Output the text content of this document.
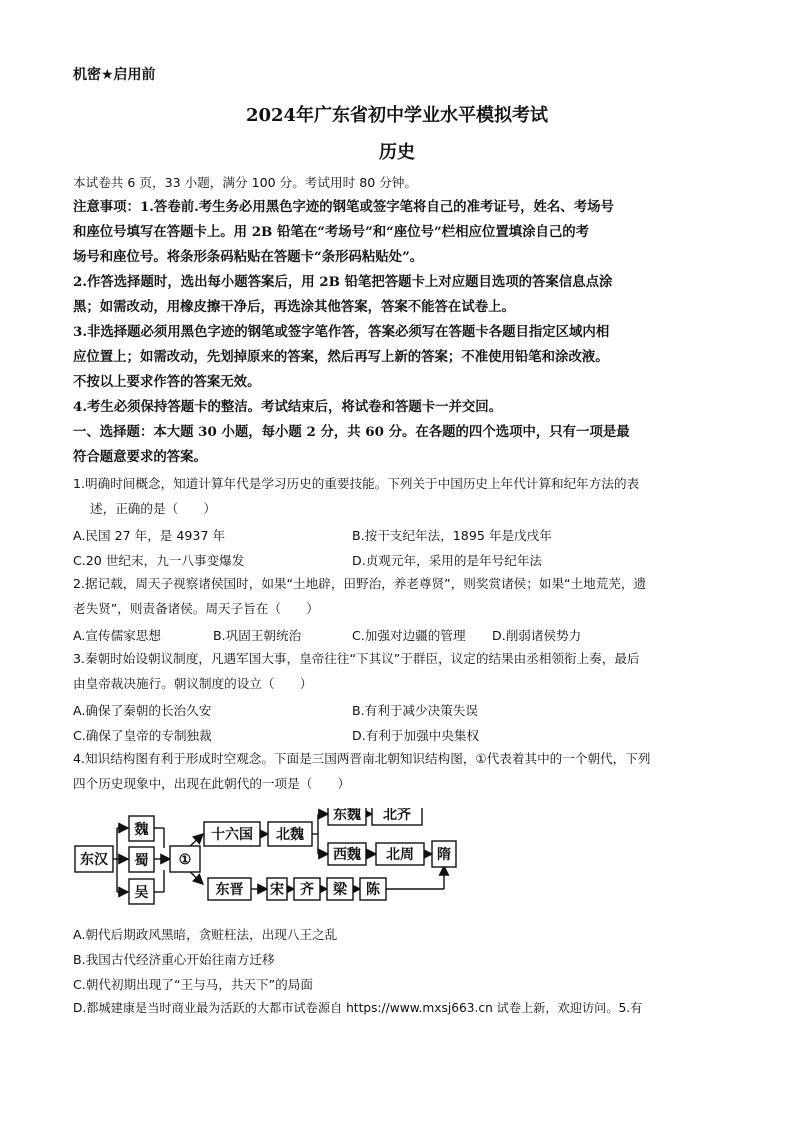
机密★启用前
2024年广东省初中学业水平模拟考试
历史
本试卷共 6 页，33 小题，满分 100 分。考试用时 80 分钟。
注意事项：1.答卷前.考生务必用黑色字迹的钢笔或签字笔将自己的准考证号，姓名、考场号
和座位号填写在答题卡上。用 2B 铅笔在“考场号”和“座位号”栏相应位置填涂自己的考
场号和座位号。将条形条码粘贴在答题卡“条形码粘贴处”。
2.作答选择题时，选出每小题答案后，用 2B 铅笔把答题卡上对应题目选项的答案信息点涂
黑；如需改动，用橡皮擦干净后，再选涂其他答案，答案不能答在试卷上。
3.非选择题必须用黑色字迹的钢笔或签字笔作答，答案必须写在答题卡各题目指定区域内相
应位置上；如需改动，先划掉原来的答案，然后再写上新的答案；不准使用铅笔和涂改液。
不按以上要求作答的答案无效。
4.考生必须保持答题卡的整洁。考试结束后，将试卷和答题卡一并交回。
一、选择题：本大题 30 小题，每小题 2 分，共 60 分。在各题的四个选项中，只有一项是最
符合题意要求的答案。
1.明确时间概念，知道计算年代是学习历史的重要技能。下列关于中国历史上年代计算和纪年方法的表
述，正确的是（　　）
A.民国 27 年，是 4937 年	B.按干支纪年法，1895 年是戊戌年
C.20 世纪末，九一八事变爆发	D.贞观元年，采用的是年号纪年法
2.据记载，周天子视察诸侯国时，如果“土地辟，田野治，养老尊贤”，则奖赏诸侯；如果“土地荒芜，遗
老失贤”，则责备诸侯。周天子旨在（　　）
A.宣传儒家思想	B.巩固王朝统治	C.加强对边疆的管理 D.削弱诸侯势力
3.秦朝时始设朝议制度，凡遇军国大事，皇帝往往“下其议”于群臣，议定的结果由丞相领衔上奏，最后
由皇帝裁决施行。朝议制度的设立（　　）
A.确保了秦朝的长治久安	B.有利于减少决策失误
C.确保了皇帝的专制独裁	D.有利于加强中央集权
4.知识结构图有利于形成时空观念。下面是三国两晋南北朝知识结构图，①代表着其中的一个朝代，下列
四个历史现象中，出现在此朝代的一项是（　　）
东汉
魏
蜀
吴
①
十六国 北魏
东魏 北齐
西魏 北周 隋
东晋 宋 齐 梁 陈
A.朝代后期政风黑暗，贪赃枉法，出现八王之乱
B.我国古代经济重心开始往南方迁移
C.朝代初期出现了“王与马，共天下”的局面
D.都城建康是当时商业最为活跃的大都市试卷源自 https://www.mxsj663.cn 试卷上新，欢迎访问。5.有
